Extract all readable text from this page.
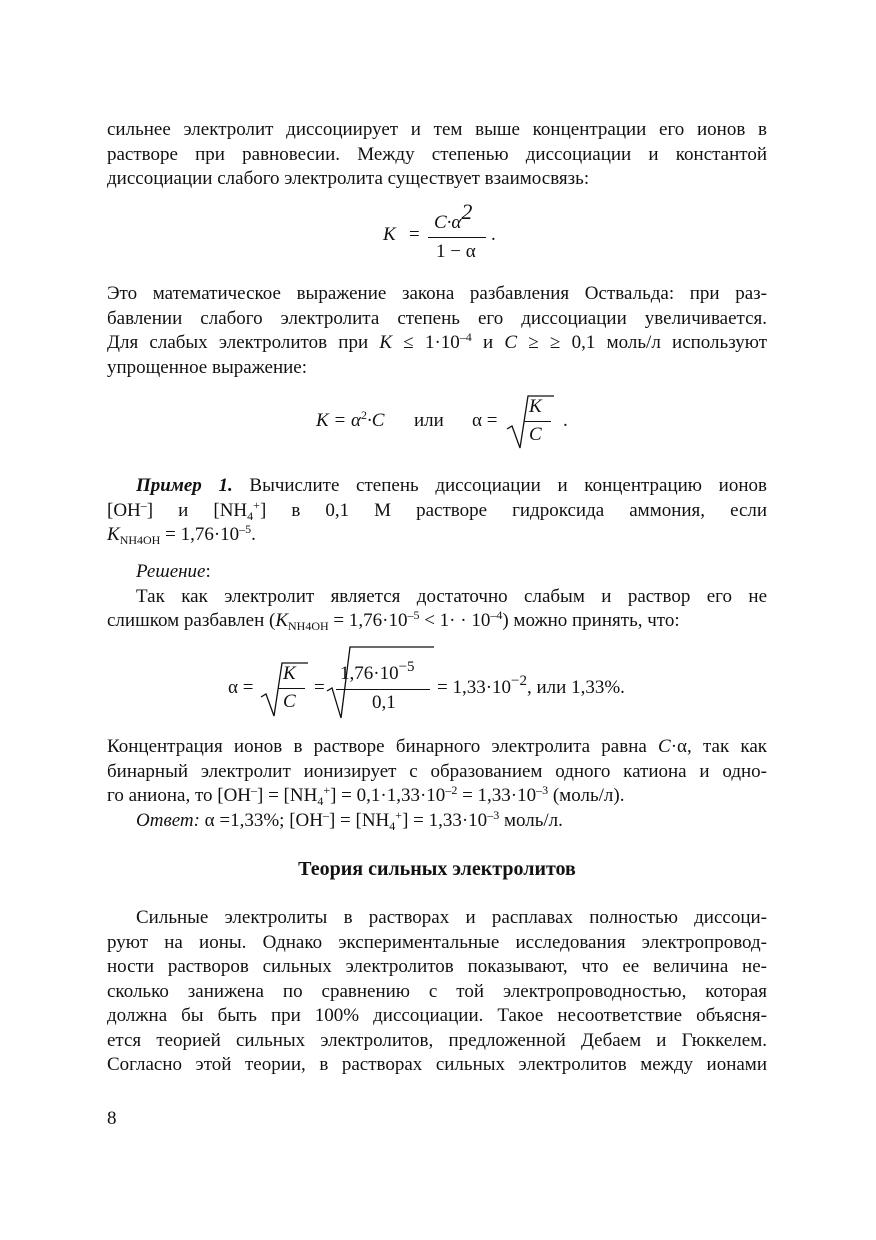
сильнее электролит диссоциирует и тем выше концентрации его ионов в
растворе при равновесии. Между степенью диссоциации и константой
диссоциации слабого электролита существует взаимосвязь:
K =
C·α2
1 − α
.
Это математическое выражение закона разбавления Оствальда: при раз-
бавлении слабого электролита степень его диссоциации увеличивается.
Для слабых электролитов при $K \le 1\cdot 10^{-4}$ и C ≥ ≥ 0,1 моль/л используют
упрощенное выражение:
$K = \alpha^2\cdot C$ или α =
K
C
.
Пример 1. Вычислите степень диссоциации и концентрацию ионов
[OH–] и $[NH_4^+]$ в 0,1 М растворе гидроксида аммония, если
$K_{NH4OH} = 1,76\cdot 10^{-5}$.
Решение:
Так как электролит является достаточно слабым и раствор его не
слишком разбавлен $(K_{NH4OH} = 1,76\cdot 10^{-5} < 1\cdot \cdot 10^{-4})$ можно принять, что:
α =
K
C
=
$1,76\cdot 10^{-5}$
0,1
= $1,33\cdot 10^{-2}$, или 1,33%.
Концентрация ионов в растворе бинарного электролита равна C·α, так как
бинарный электролит ионизирует с образованием одного катиона и одно-
го аниона, то $[OH^-] = [NH_4^+] = 0,1\cdot 1,33\cdot 10^{-2} = 1,33\cdot 10^{-3}$ (моль/л).
Ответ: α =1,33%; $[OH^-] = [NH_4^+] = 1,33\cdot 10^{-3}$ моль/л.
Теория сильных электролитов
Сильные электролиты в растворах и расплавах полностью диссоци-
руют на ионы. Однако экспериментальные исследования электропровод-
ности растворов сильных электролитов показывают, что ее величина не-
сколько занижена по сравнению с той электропроводностью, которая
должна бы быть при 100% диссоциации. Такое несоответствие объясня-
ется теорией сильных электролитов, предложенной Дебаем и Гюккелем.
Согласно этой теории, в растворах сильных электролитов между ионами
8
